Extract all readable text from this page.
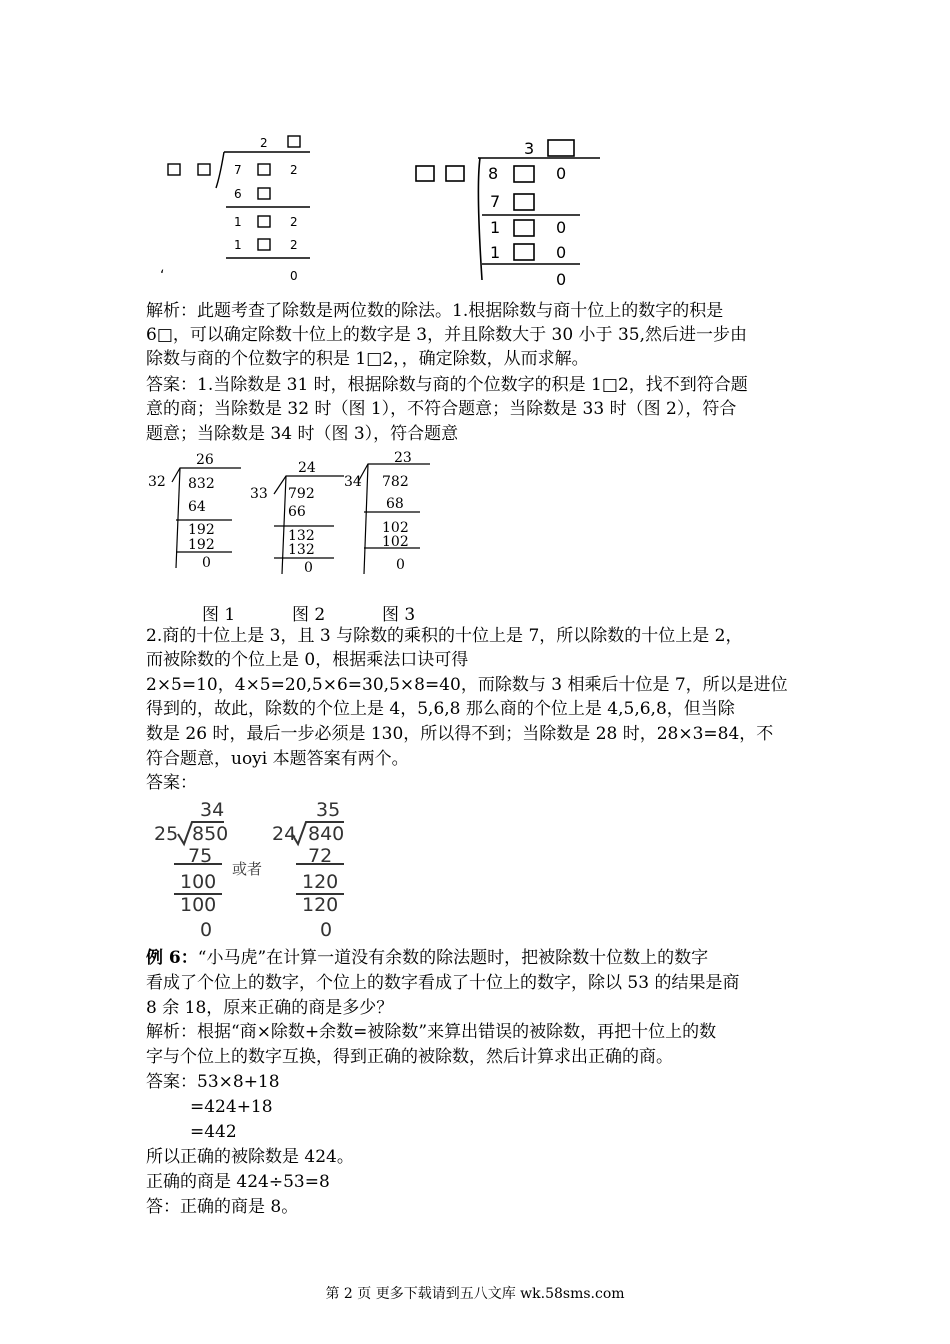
2
7	2
6
1	2
1	2
0
‘
3
8	0
7
1	0
1	0
0
解析：此题考查了除数是两位数的除法。1.根据除数与商十位上的数字的积是
6□，可以确定除数十位上的数字是 3，并且除数大于 30 小于 35,然后进一步由
除数与商的个位数字的积是 1□2，，确定除数，从而求解。
答案：1.当除数是 31 时，根据除数与商的个位数字的积是 1□2，找不到符合题
意的商；当除数是 32 时（图 1），不符合题意；当除数是 33 时（图 2），符合
题意；当除数是 34 时（图 3），符合题意
32
26
832
64
192
192
0
33
24
792
66
132
132
0
34
23
782
68
102
102
0
图 1	图 2	图 3
2.商的十位上是 3，且 3 与除数的乘积的十位上是 7，所以除数的十位上是 2，
而被除数的个位上是 0，根据乘法口诀可得
2×5=10，4×5=20,5×6=30,5×8=40，而除数与 3 相乘后十位是 7，所以是进位
得到的，故此，除数的个位上是 4，5,6,8 那么商的个位上是 4,5,6,8，但当除
数是 26 时，最后一步必须是 130，所以得不到；当除数是 28 时，28×3=84，不
符合题意，uoyi 本题答案有两个。
答案：
25
34
850
75
100
100
0
或者
24
35
840
72
120
120
0
例 6：“小马虎”在计算一道没有余数的除法题时，把被除数十位数上的数字
看成了个位上的数字，个位上的数字看成了十位上的数字，除以 53 的结果是商
8 余 18，原来正确的商是多少？
解析：根据“商×除数+余数=被除数”来算出错误的被除数，再把十位上的数
字与个位上的数字互换，得到正确的被除数，然后计算求出正确的商。
答案：53×8+18
=424+18
=442
所以正确的被除数是 424。
正确的商是 424÷53=8
答：正确的商是 8。
第 2 页 更多下载请到五八文库 wk.58sms.com
